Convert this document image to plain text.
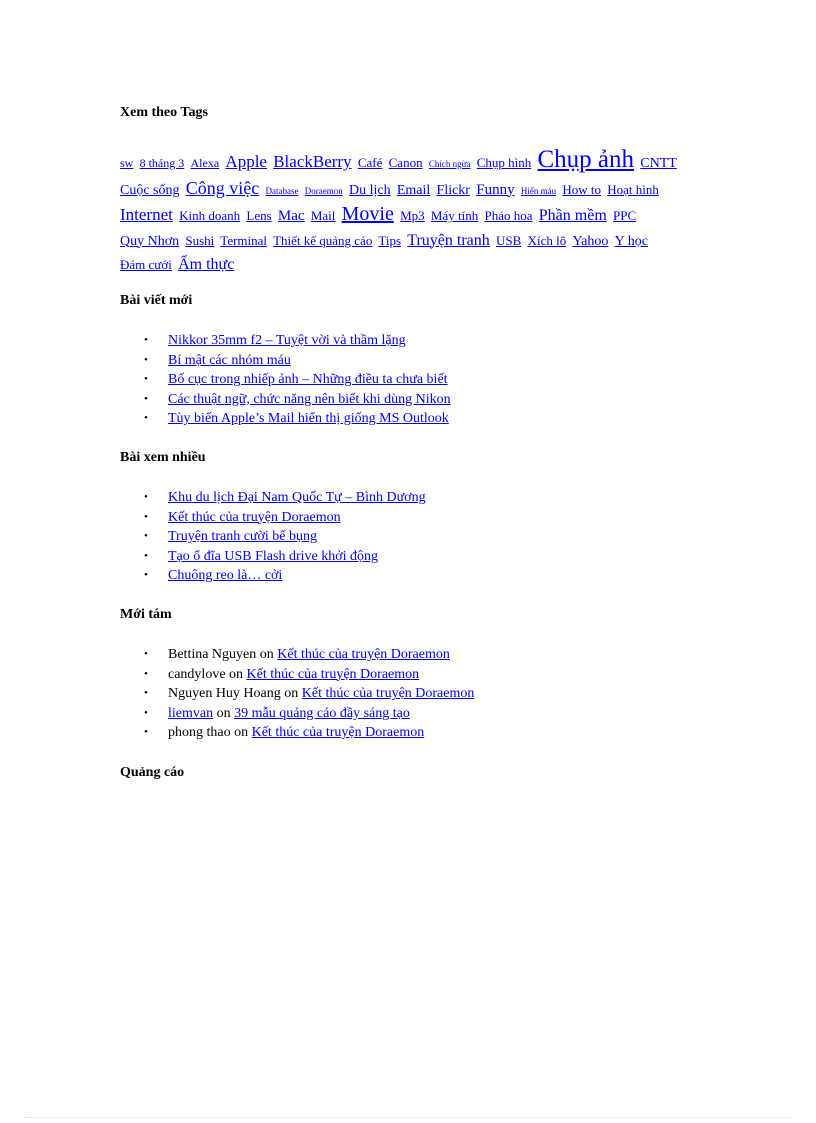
Xem theo Tags
sw 8 tháng 3 Alexa Apple BlackBerry Café Canon Chích ngừa Chụp hình Chụp ảnh CNTT Cuộc sống Công việc Database Doraemon Du lịch Email Flickr Funny Hiến máu How to Hoạt hình Internet Kinh doanh Lens Mac Mail Movie Mp3 Máy tính Pháo hoa Phần mềm PPC Quy Nhơn Sushi Terminal Thiết kế quảng cáo Tips Truyện tranh USB Xích lô Yahoo Y học Đám cưới Ẩm thực
Bài viết mới
• Nikkor 35mm f2 – Tuyệt vời và thầm lặng
• Bí mật các nhóm máu
• Bố cục trong nhiếp ảnh – Những điều ta chưa biết
• Các thuật ngữ, chức năng nên biết khi dùng Nikon
• Tùy biến Apple’s Mail hiển thị giống MS Outlook
Bài xem nhiều
• Khu du lịch Đại Nam Quốc Tự – Bình Dương
• Kết thúc của truyện Doraemon
• Truyện tranh cười bể bụng
• Tạo ổ đĩa USB Flash drive khởi động
• Chuông reo là… cởi
Mới tám
• Bettina Nguyen on Kết thúc của truyện Doraemon
• candylove on Kết thúc của truyện Doraemon
• Nguyen Huy Hoang on Kết thúc của truyện Doraemon
• liemvan on 39 mẫu quảng cáo đầy sáng tạo
• phong thao on Kết thúc của truyện Doraemon
Quảng cáo
